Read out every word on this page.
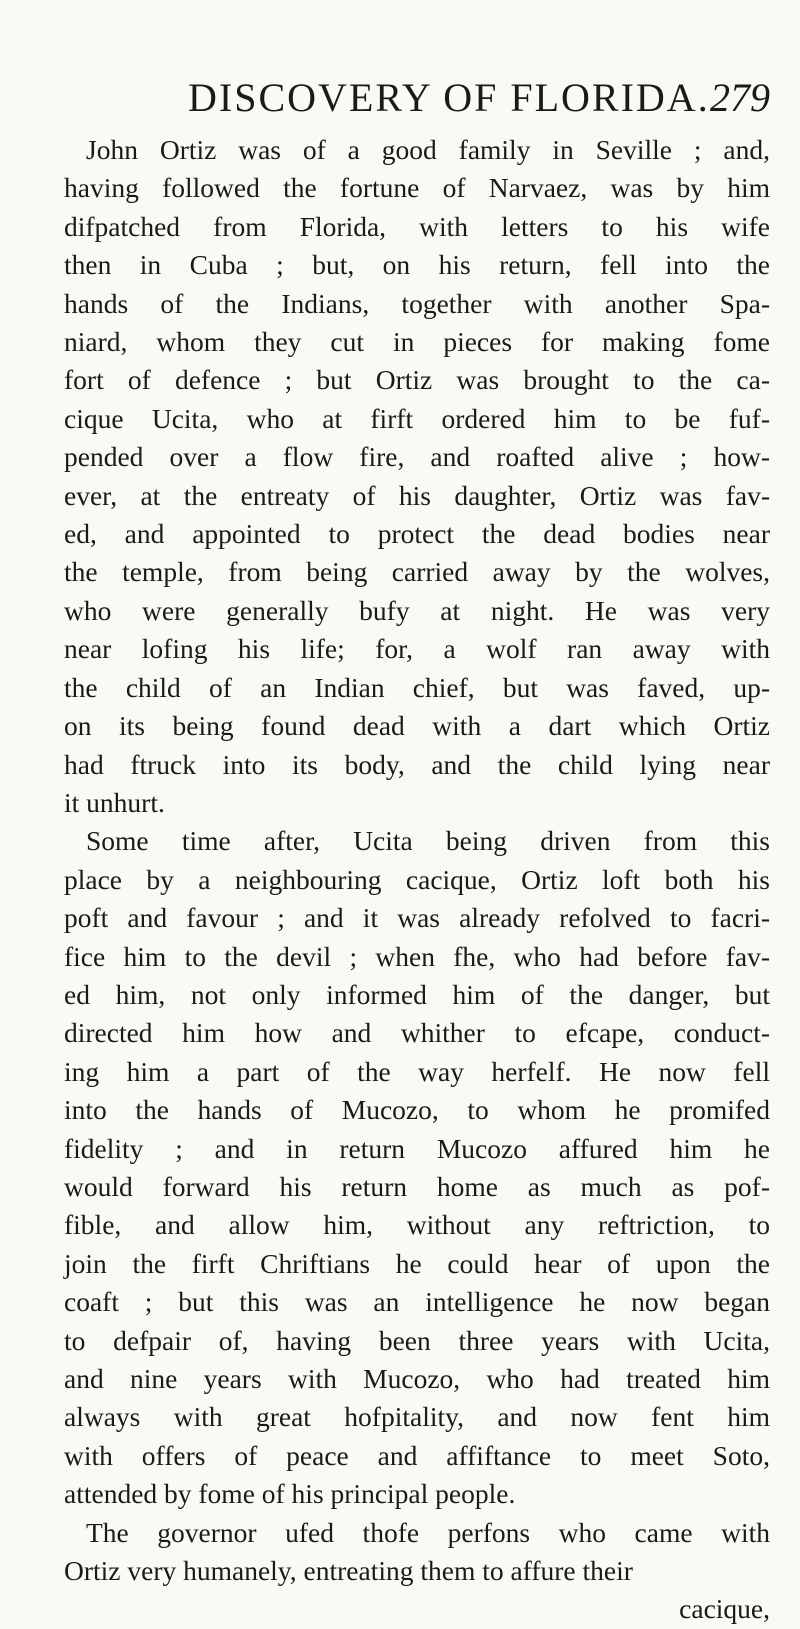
DISCOVERY OF FLORIDA. 279
John Ortiz was of a good family in Seville ; and,
having followed the fortune of Narvaez, was by him
difpatched from Florida, with letters to his wife
then in Cuba ; but, on his return, fell into the
hands of the Indians, together with another Spa-
niard, whom they cut in pieces for making fome
fort of defence ; but Ortiz was brought to the ca-
cique Ucita, who at firft ordered him to be fuf-
pended over a flow fire, and roafted alive ; how-
ever, at the entreaty of his daughter, Ortiz was fav-
ed, and appointed to protect the dead bodies near
the temple, from being carried away by the wolves,
who were generally bufy at night. He was very
near lofing his life; for, a wolf ran away with
the child of an Indian chief, but was faved, up-
on its being found dead with a dart which Ortiz
had ftruck into its body, and the child lying near
it unhurt.
Some time after, Ucita being driven from this
place by a neighbouring cacique, Ortiz loft both his
poft and favour ; and it was already refolved to facri-
fice him to the devil ; when fhe, who had before fav-
ed him, not only informed him of the danger, but
directed him how and whither to efcape, conduct-
ing him a part of the way herfelf. He now fell
into the hands of Mucozo, to whom he promifed
fidelity ; and in return Mucozo affured him he
would forward his return home as much as pof-
fible, and allow him, without any reftriction, to
join the firft Chriftians he could hear of upon the
coaft ; but this was an intelligence he now began
to defpair of, having been three years with Ucita,
and nine years with Mucozo, who had treated him
always with great hofpitality, and now fent him
with offers of peace and affiftance to meet Soto,
attended by fome of his principal people.
The governor ufed thofe perfons who came with
Ortiz very humanely, entreating them to affure their
cacique,
